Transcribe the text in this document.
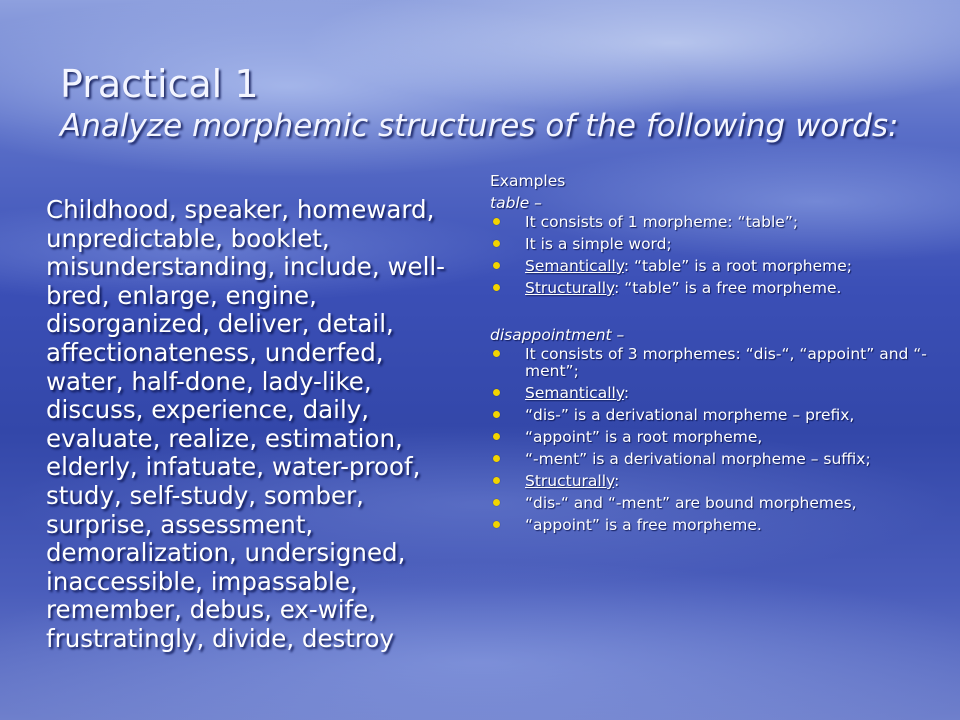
Practical 1
Analyze morphemic structures of the following words:
Childhood, speaker, homeward, unpredictable, booklet, misunderstanding, include, well-bred, enlarge, engine, disorganized, deliver, detail, affectionateness, underfed, water, half-done, lady-like, discuss, experience, daily, evaluate, realize, estimation, elderly, infatuate, water-proof, study, self-study, somber, surprise, assessment, demoralization, undersigned, inaccessible, impassable, remember, debus, ex-wife, frustratingly, divide, destroy

Examples

table –

It consists of 1 morpheme: “table”;
It is a simple word;
Semantically: “table” is a root morpheme;
Structurally: “table” is a free morpheme.

disappointment –

It consists of 3 morphemes: “dis-“, “appoint” and “-ment”;
Semantically:
“dis-” is a derivational morpheme – prefix,
“appoint” is a root morpheme,
“-ment” is a derivational morpheme – suffix;
Structurally:
“dis-“ and “-ment” are bound morphemes,
“appoint” is a free morpheme.
